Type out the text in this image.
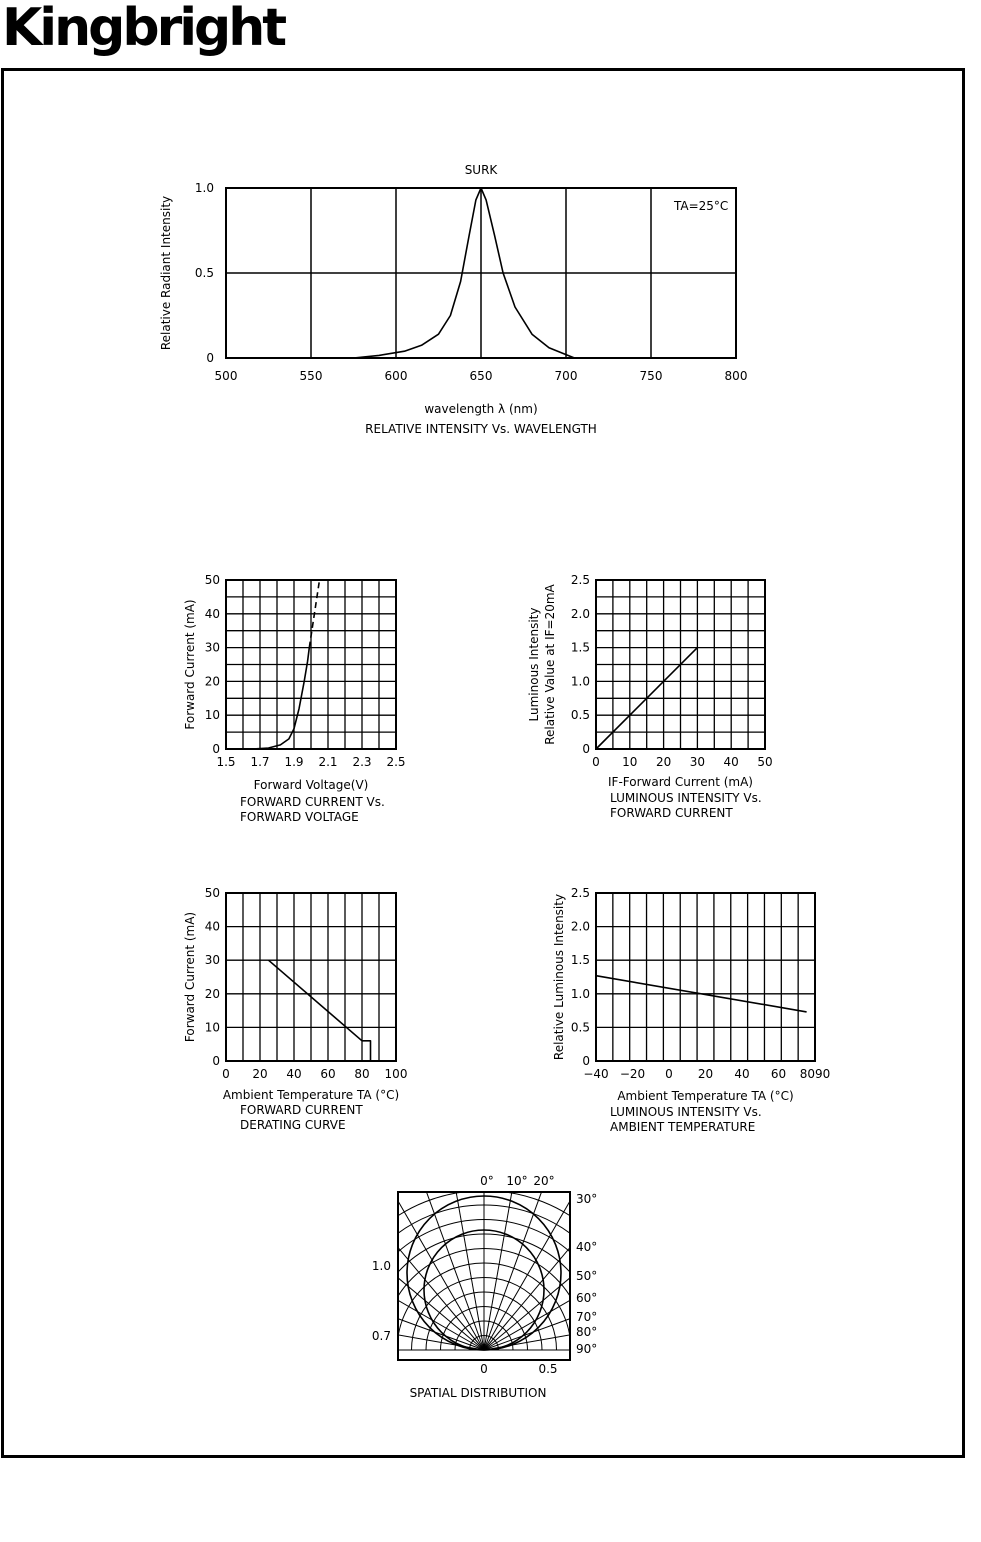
Kingbright
500	550	600	650	700	750	800
0
0.5
1.0
wavelength λ (nm)
Relative Radiant Intensity
RELATIVE INTENSITY Vs. WAVELENGTH
SURK
TA=25°C
1.5 1.7 1.9 2.1 2.3 2.5
0
10
20
30
40
50
Forward Voltage(V)
Forward Current (mA)
FORWARD CURRENT Vs.
FORWARD VOLTAGE
0 10 20 30 40 50
0
0.5
1.0
1.5
2.0
2.5
IF-Forward Current (mA)
Luminous Intensity Relative Value at IF=20mA
LUMINOUS INTENSITY Vs.
FORWARD CURRENT
0 20 40 60 80 100
0
10
20
30
40
50
Ambient Temperature TA (°C)
Forward Current (mA)
FORWARD CURRENT
DERATING CURVE
−40 −20 0 20 40 60 8090
0
0.5
1.0
1.5
2.0
2.5
Ambient Temperature TA (°C)
Relative Luminous Intensity
LUMINOUS INTENSITY Vs.
AMBIENT TEMPERATURE
0° 10° 20°
30°
40°
50°
60°
70°
80°
90°
1.0
0.7
0	0.5
SPATIAL DISTRIBUTION
